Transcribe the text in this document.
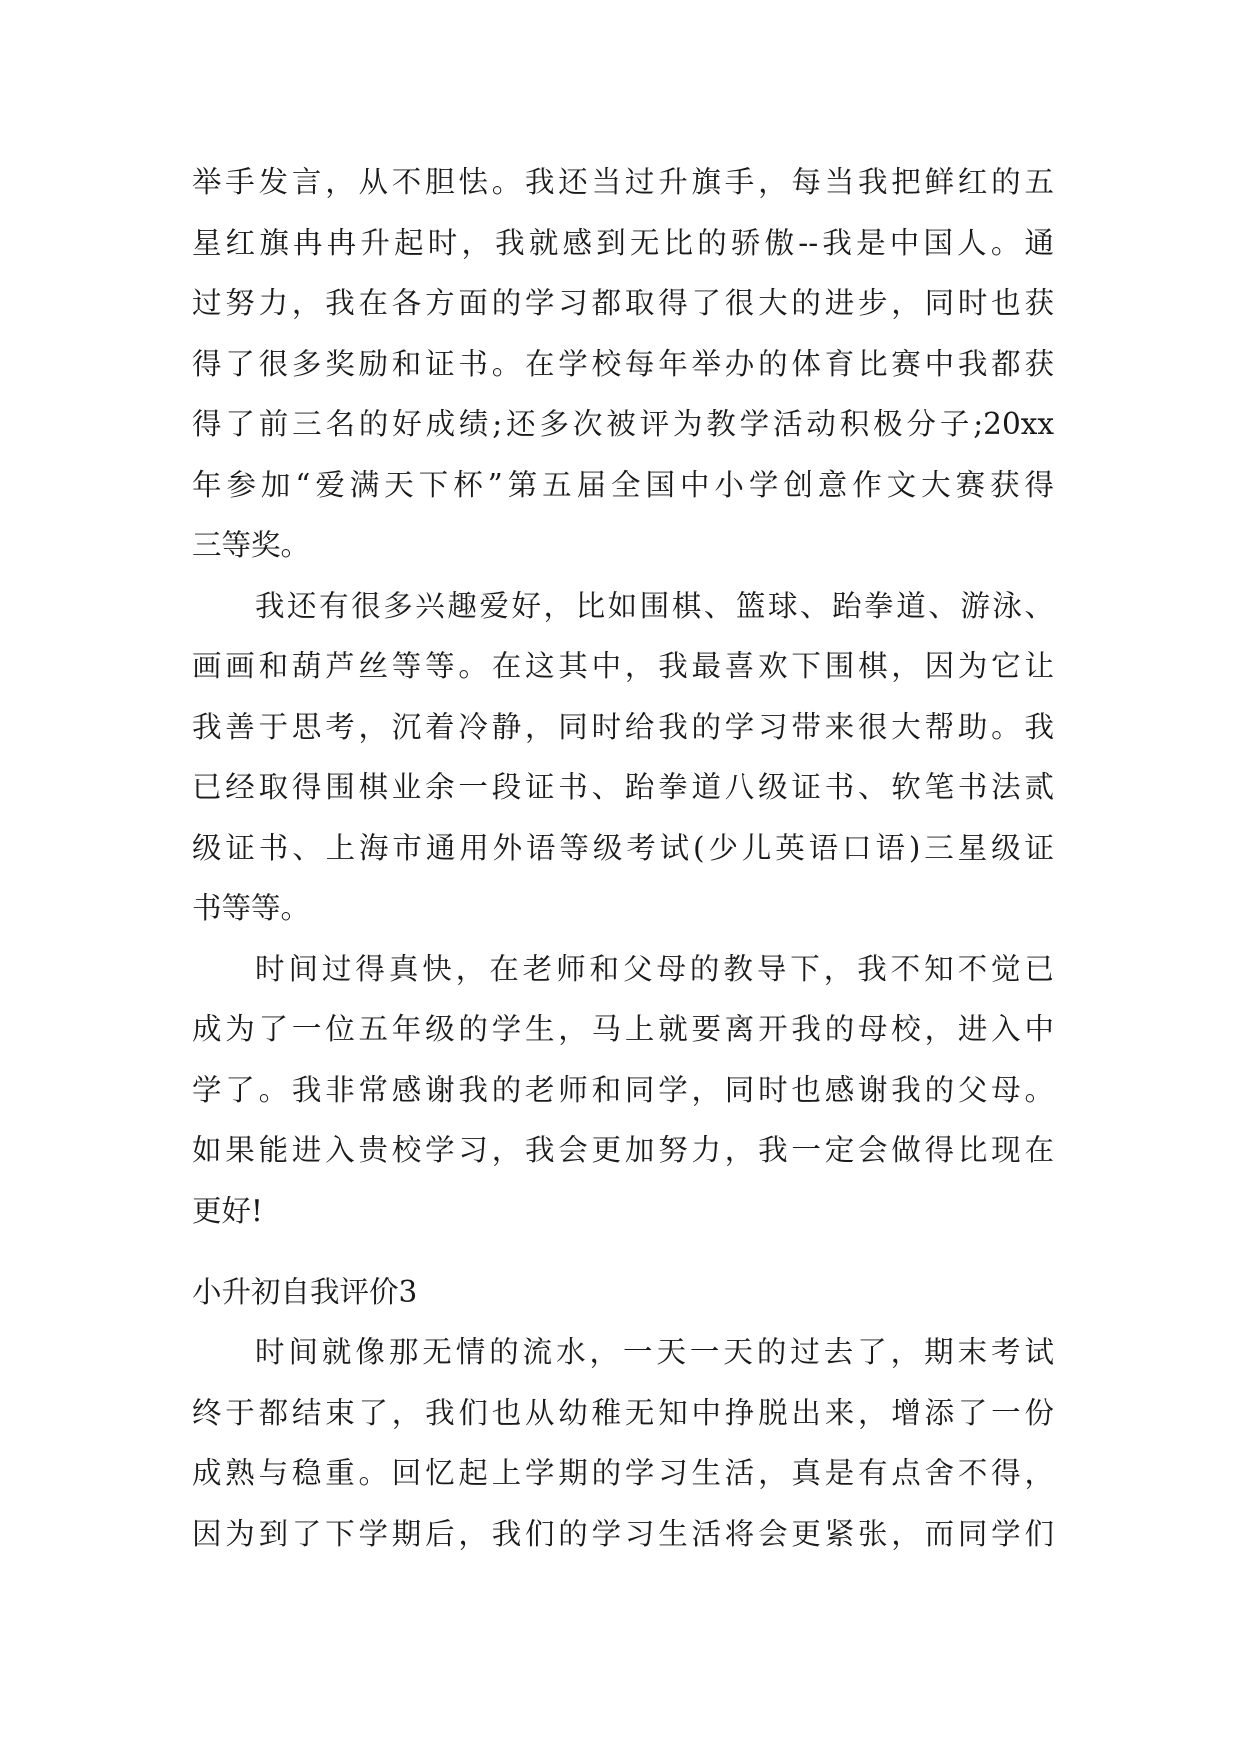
举手发言，从不胆怯。我还当过升旗手，每当我把鲜红的五
星红旗冉冉升起时，我就感到无比的骄傲--我是中国人。通
过努力，我在各方面的学习都取得了很大的进步，同时也获
得了很多奖励和证书。在学校每年举办的体育比赛中我都获
得了前三名的好成绩;还多次被评为教学活动积极分子;20xx
年参加“爱满天下杯”第五届全国中小学创意作文大赛获得
三等奖。
我还有很多兴趣爱好，比如围棋、篮球、跆拳道、游泳、
画画和葫芦丝等等。在这其中，我最喜欢下围棋，因为它让
我善于思考，沉着冷静，同时给我的学习带来很大帮助。我
已经取得围棋业余一段证书、跆拳道八级证书、软笔书法贰
级证书、上海市通用外语等级考试(少儿英语口语)三星级证
书等等。
时间过得真快，在老师和父母的教导下，我不知不觉已
成为了一位五年级的学生，马上就要离开我的母校，进入中
学了。我非常感谢我的老师和同学，同时也感谢我的父母。
如果能进入贵校学习，我会更加努力，我一定会做得比现在
更好!
小升初自我评价3
时间就像那无情的流水，一天一天的过去了，期末考试
终于都结束了，我们也从幼稚无知中挣脱出来，增添了一份
成熟与稳重。回忆起上学期的学习生活，真是有点舍不得，
因为到了下学期后，我们的学习生活将会更紧张，而同学们
